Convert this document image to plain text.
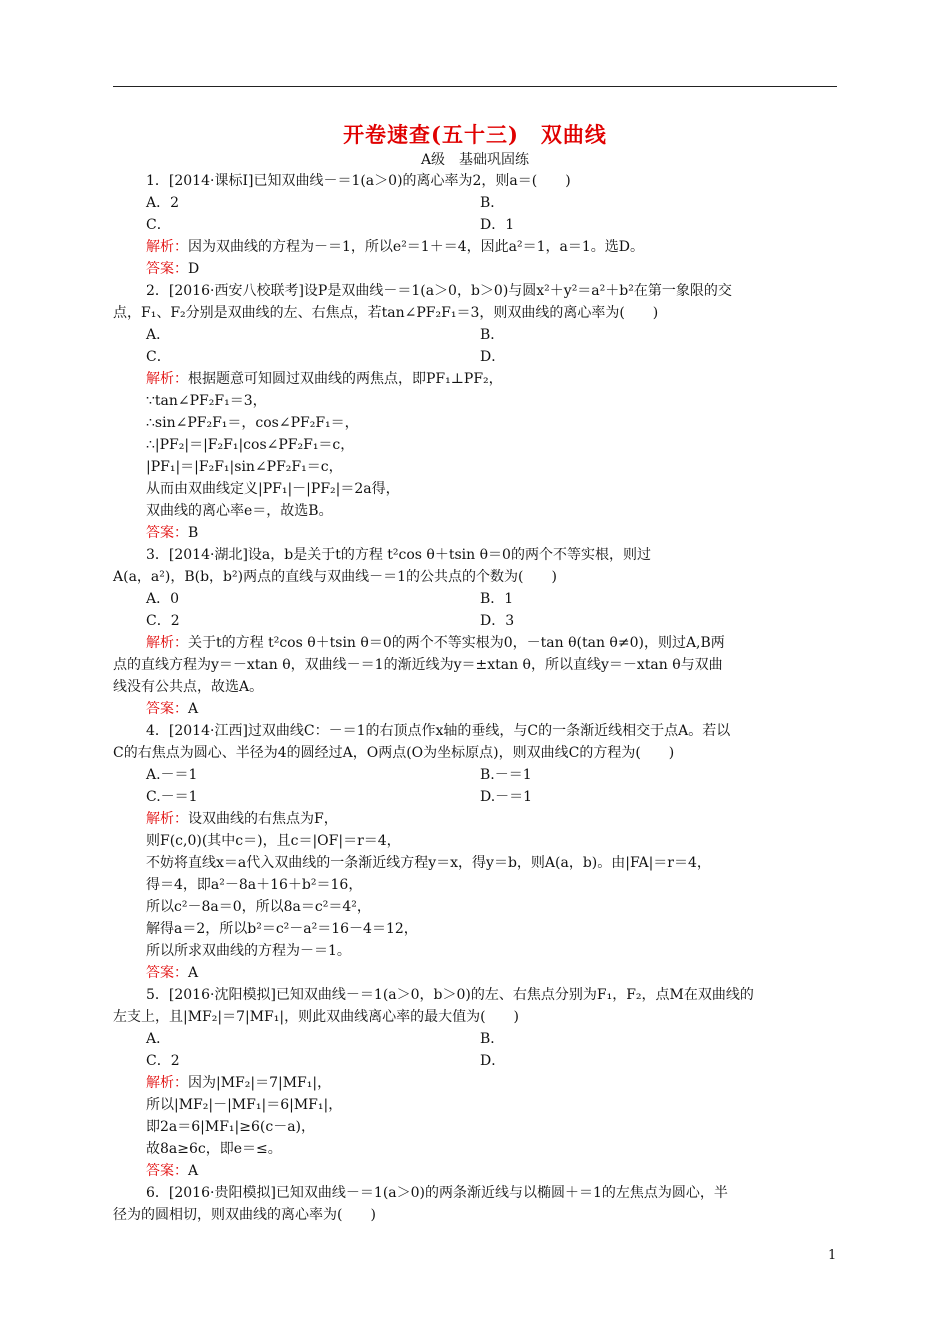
开卷速查(五十三)　双曲线
A级　基础巩固练
1．[2014·课标Ⅰ]已知双曲线－＝1(a＞0)的离心率为2，则a＝(　　)
A．2	B．
C．	D．1
解析：因为双曲线的方程为－＝1，所以e²＝1＋＝4，因此a²＝1，a＝1。选D。
答案：D
2．[2016·西安八校联考]设P是双曲线－＝1(a＞0，b＞0)与圆x²＋y²＝a²＋b²在第一象限的交
点，F₁、F₂分别是双曲线的左、右焦点，若tan∠PF₂F₁＝3，则双曲线的离心率为(　　)
A．	B．
C．	D．
解析：根据题意可知圆过双曲线的两焦点，即PF₁⊥PF₂，
∵tan∠PF₂F₁＝3，
∴sin∠PF₂F₁＝，cos∠PF₂F₁＝，
∴|PF₂|＝|F₂F₁|cos∠PF₂F₁＝c，
|PF₁|＝|F₂F₁|sin∠PF₂F₁＝c，
从而由双曲线定义|PF₁|－|PF₂|＝2a得，
双曲线的离心率e＝，故选B。
答案：B
3．[2014·湖北]设a，b是关于t的方程 t²cos θ＋tsin θ＝0的两个不等实根，则过
A(a，a²)，B(b，b²)两点的直线与双曲线－＝1的公共点的个数为(　　)
A．0	B．1
C．2	D．3
解析：关于t的方程 t²cos θ＋tsin θ＝0的两个不等实根为0，－tan θ(tan θ≠0)，则过A,B两
点的直线方程为y＝－xtan θ，双曲线－＝1的渐近线为y＝±xtan θ，所以直线y＝－xtan θ与双曲
线没有公共点，故选A。
答案：A
4．[2014·江西]过双曲线C：－＝1的右顶点作x轴的垂线，与C的一条渐近线相交于点A。若以
C的右焦点为圆心、半径为4的圆经过A，O两点(O为坐标原点)，则双曲线C的方程为(　　)
A.－＝1	B.－＝1
C.－＝1	D.－＝1
解析：设双曲线的右焦点为F，
则F(c,0)(其中c＝)，且c＝|OF|＝r＝4，
不妨将直线x＝a代入双曲线的一条渐近线方程y＝x，得y＝b，则A(a，b)。由|FA|＝r＝4，
得＝4，即a²－8a＋16＋b²＝16，
所以c²－8a＝0，所以8a＝c²＝4²，
解得a＝2，所以b²＝c²－a²＝16－4＝12，
所以所求双曲线的方程为－＝1。
答案：A
5．[2016·沈阳模拟]已知双曲线－＝1(a＞0，b＞0)的左、右焦点分别为F₁，F₂，点M在双曲线的
左支上，且|MF₂|＝7|MF₁|，则此双曲线离心率的最大值为(　　)
A．	B．
C．2	D．
解析：因为|MF₂|＝7|MF₁|，
所以|MF₂|－|MF₁|＝6|MF₁|，
即2a＝6|MF₁|≥6(c－a)，
故8a≥6c，即e＝≤。
答案：A
6．[2016·贵阳模拟]已知双曲线－＝1(a＞0)的两条渐近线与以椭圆＋＝1的左焦点为圆心，半
径为的圆相切，则双曲线的离心率为(　　)
1
